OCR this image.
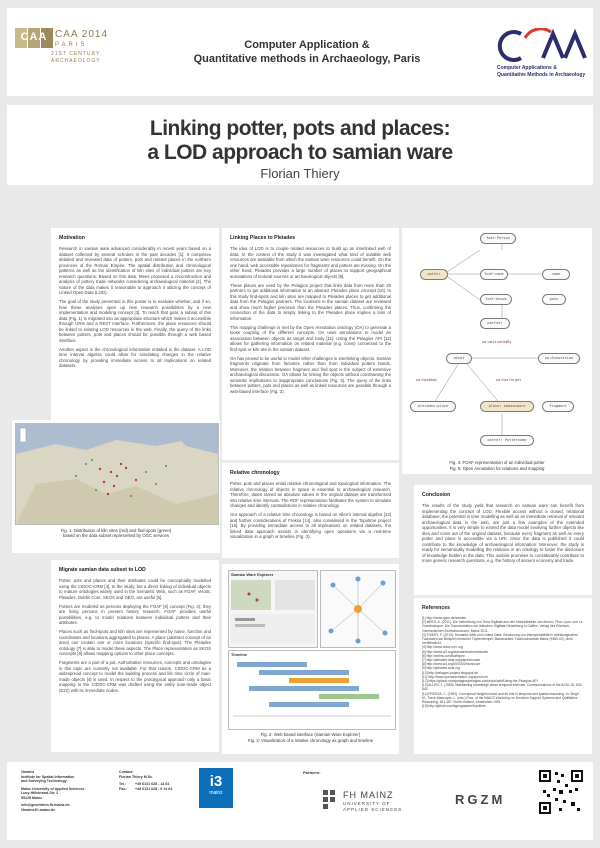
CAA CAA 2014
PARIS
21ST CENTURY
ARCHAEOLOGY
Computer Application &
Quantitative methods in Archaeology, Paris
Computer Applications &
Quantitative Methods in Archaeology
Linking potter, pots and places:
a LOD approach to samian ware
Florian Thiery
Motivation

Research in samian ware advanced considerably in recent years based on a dataset collected by several scholars in the past decades [1]. It comprises detailed and reviewed data of potters, pots and related places in the northern provinces of the Roman Empire. The spatial distribution and chronological patterns as well as the identification of kiln sites of individual potters are key research questions. Based on this data, Mees proposed a reconstruction and analysis of pottery trade networks considering archaeological material [2]. The nature of the data makes it reasonable to approach it utilizing the concept of Linked Open Data (LOD).

The goal of the study presented in this poster is to evaluate whether, and if so, how these analyses open up new research possibilities by a new implementation and modeling concept [3]. To reach that goal, a subset of this data (Fig. 1) is migrated into an appropriate structure which makes it accessible through URIs and a REST interface. Furthermore, the place resources should be linked to existing LOD resources in the web. Finally, the query of the links between potters, pots and places should be possible through a web based interface.

Another aspect is the chronological information entailed in the dataset. A LOD time interval algebra could allow for simulating changes in the relative chronology by providing immediate access to all implications on related datasets.

Fig. 1: Distribution of kiln sites (red) and find-spots (green)
based on the data subset represented by OGC services
Migrate samian data subset to LOD

Potter, pots and places and their attributes could be conceptually modelled using the CIDOC-CRM [4]. In the study, but a direct linking of individual objects to mature ontologies widely used in the Semantic Web, such as FOAF, vHotS, Pleiades, Dublin Core, SKOS and GEO, are useful [5].

Potters are modeled as persons deploying the FOAF [6] concept (Fig. 4); they are living persons in present history research. FOAF provides useful possibilities, e.g. to model relations between individual potters and their attributes.

Places such as find-spots and kiln sites are represented by name, function and coordinates and locations aggregated to places. A place (abstract concept of an area) can contain one or more locations (specific find-spot). The Pleiades ontology [7] is able to model these aspects. The Place representation as SKOS concepts [8] allows mapping options to other place concepts.

Fragments are a part of a pot. Authoritative resources, concepts and ontologies in this topic are currently not available. For that reason, CIDOC-CRM as a widespread concept to model the building process and life time circle of man-made objects [4] is used. In respect to the prototypical approach only a basic mapping to the CIDOC-CRM was drafted using the entity man-made object (E22) with its immediate nodes.

Linking Places to Pleiades

The idea of LOD is to couple related resources to build up an interlinked web of data. In the context of the study it was investigated what kind of suitable web resources are available from which the samian ware resources could benefit. On the one hand, web accessible repositories for fragments and potters are missing. On the other hand, Pleiades provides a large number of places to support geographical annotations of textural sources or archaeological objects [9].

These places are used by the Pelagios project that links data from more than 20 partners to get additional information to an abstract Pleiades place concept [10]. In this study find-spots and kiln sites are mapped to Pleiades places to get additional data from the Pelagios partners. The locations in the samian dataset are reviewed and show much higher precision than the Pleiades places. Thus, confirming the connection of the data to simply linking to the Pleiades place implies a loss of information.

This mapping challenge is met by the Open Annotation ontology (OA) to generate a loose coupling of the different concepts. OA uses annotations to model an association between objects as target and body [11]. Using the Pelagios API [12] allows for gathering information on related material (e.g. coins) connected to the find-spot or kiln site in the samian dataset.

OA has proved to be useful to model other challenges in interlinking objects. Samian fragments originate from factories rather than from individual potters hands. Moreover, the relation between fragment and find spot is the subject of extensive archaeological discussion. OA allows for linking the objects without constraining the semantic implications to inappropriate conclusions (Fig. 5). The query of the links between potters, pots and places as well as linked resources are possible through a web-based interface (Fig. 2).

Relative chronology

Potter, pots and places entail relative chronological and topological information. The relative chronology of objects in space is essential to archaeological research. Therefore, dates stored as absolute values in the original dataset are transformed into relative time intervals. The RDF representation facilitates the system to simulate changes and identify contradictions in relative chronology.

Our approach of a relative time chronology is based on Allen's interval algebra [13] and further considerations of Freksa [14], also considered in the Topotime project [15]. By providing immediate access to all implications on related datasets, the linked data approach assists in identifying open questions via a real-time visualization in a graph or timeline (Fig. 3).

Samian Ware Explorer
Timeline
Fig. 2: Web based interface (Samian Ware Explorer)
Fig. 3: Visualization of a relative chronology as graph and timeline
foaf:Person
potter	foaf:name	name
foaf:knows
partner
pots
oa:motivatedBy
annot	oa:Annotation
oa:hasBody	oa:hasTarget
pleiades:place	place: samianware	fragment
potter: Pottername
Fig. 4: FOAF representation of an individual potter
Fig. 5: Open Annotation for relations and mapping
Conclusion

The results of the study yield that research on samian ware can benefit from implementing the concept of LOD. Flexible access without a closed, relational database, the potential in time modelling as well as an immediate retrieval of relevant archaeological data in the web, are just a few examples of the extended opportunities. It is very simple to extend the data model involving further objects like dies and coins out of the original dataset, because every fragment as well as every potter and place is accessible via a URI. Once the data is published it could contribute to the knowledge of archaeological information. Moreover, the study is ready for semantically modelling the relations in an ontology to foster the disclosure of knowledge hidden in the data. This outlook promises to considerably contribute to more generic research questions, e.g. the history of ancient economy and trade.

References
[1] http://www.rgzm.de/samian
[2] MEES, A. (2011): Die Verbreitung von Terra Sigillata aus den Manufakturen von Arezzo, Pisa, Lyon, und La Graufesenque: Die Transformation der italischen Sigillata-Herstellung in Gallien. Verlag des Römisch-Germanischen Zentralmuseums, Mainz 2011.
[3] THIERY, F. (2013): Semantic Web und Linked Data: Gewinnung von Interoperabilität in archäologischen Fachdaten am Beispiel römischer Töpferstempel. Masterarbeit, Fachhochschule Mainz (KMD-02), nicht veröffentlicht.
[4] http://www.cidoc-crm.org
[5] http://www.w3.org/standards/semanticweb
[6] http://xmlns.com/foaf/spec
[7] http://pleiades.stoa.org/places/vocab
[8] http://www.w3.org/2004/02/skos/core
[9] http://pleiades.stoa.org
[10] http://pelagios-project.blogspot.de
[11] http://www.openannotation.org/spec/core
[12] https://github.com/pelagios/pelagios-cookbook/wiki/Using-the-Pelagios-API
[13] ALLEN, J. (1983): Maintaining knowledge about temporal intervals. Communications of the ACM, 26, 832-843.
[14] FREKSA, C. (1992): Conceptual Neighborhood and its role in temporal and spatial reasoning. In: Singh M., Travé-Massuyès, L. (eds.) Proc. of the IMACS Workshop on Decision Support Systems and Qualitative Reasoning, 181-187. North-Holland, Amsterdam 1991.
[15] http://github.com/kgeographer/topotime
i3mainz
Institute for Spatial Information
and Surveying Technology
Mainz University of Applied Sciences
Lucy-Hillebrand-Str. 2
55128 Mainz
info@geoinform.fh-mainz.de
i3mainz.fh-mainz.de
Contact:
Florian Thiery M.Sc.
Tel.: +49 6131 628 - 14 64
Fax.: +49 6131 628 - 9 14 64	i3
mainz
Partners:
FH MAINZ
UNIVERSITY OF
APPLIED SCIENCES
RGZM
